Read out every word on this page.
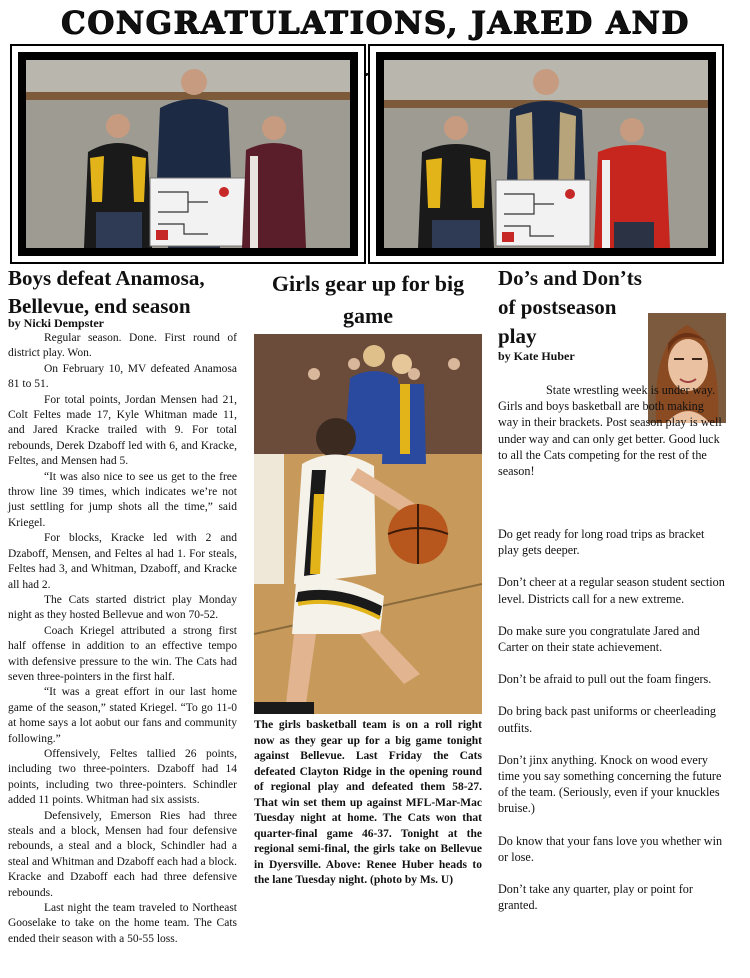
CONGRATULATIONS, JARED AND
Boys defeat Anamosa, Bellevue, end season
by Nicki Dempster

Regular season. Done. First round of district play. Won.

On February 10, MV defeated Anamosa 81 to 51.

For total points, Jordan Mensen had 21, Colt Feltes made 17, Kyle Whitman made 11, and Jared Kracke trailed with 9. For total rebounds, Derek Dzaboff led with 6, and Kracke, Feltes, and Mensen had 5.

“It was also nice to see us get to the free throw line 39 times, which indicates we’re not just settling for jump shots all the time,” said Kriegel.

For blocks, Kracke led with 2 and Dzaboff, Mensen, and Feltes al had 1. For steals, Feltes had 3, and Whitman, Dzaboff, and Kracke all had 2.

The Cats started district play Monday night as they hosted Bellevue and won 70-52.

Coach Kriegel attributed a strong first half offense in addition to an effective tempo with defensive pressure to the win. The Cats had seven three-pointers in the first half.

“It was a great effort in our last home game of the season,” stated Kriegel. “To go 11-0 at home says a lot aobut our fans and community following.”

Offensively, Feltes tallied 26 points, including two three-pointers. Dzaboff had 14 points, including two three-pointers. Schindler added 11 points. Whitman had six assists.

Defensively, Emerson Ries had three steals and a block, Mensen had four defensive rebounds, a steal and a block, Schindler had a steal and Whitman and Dzaboff each had a block. Kracke and Dzaboff each had three defensive rebounds.

Last night the team traveled to Northeast Gooselake to take on the home team. The Cats ended their season with a 50-55 loss.

Girls gear up for big game
The girls basketball team is on a roll right now as they gear up for a big game tonight against Bellevue. Last Friday the Cats defeated Clayton Ridge in the opening round of regional play and defeated them 58-27. That win set them up against MFL-Mar-Mac Tuesday night at home. The Cats won that quarter-final game 46-37. Tonight at the regional semi-final, the girls take on Bellevue in Dyersville. Above: Renee Huber heads to the lane Tuesday night. (photo by Ms. U)
Do’s and Don’ts of postseason play
by Kate Huber

State wrestling week is under way. Girls and boys basketball are both making way in their brackets. Post season play is well under way and can only get better. Good luck to all the Cats competing for the rest of the season!

Do get ready for long road trips as bracket play gets deeper.

Don’t cheer at a regular season student section level. Districts call for a new extreme.

Do make sure you congratulate Jared and Carter on their state achievement.

Don’t be afraid to pull out the foam fingers.

Do bring back past uniforms or cheerleading outfits.

Don’t jinx anything. Knock on wood every time you say something concerning the future of the team. (Seriously, even if your knuckles bruise.)

Do know that your fans love you whether win or lose.

Don’t take any quarter, play or point for granted.
